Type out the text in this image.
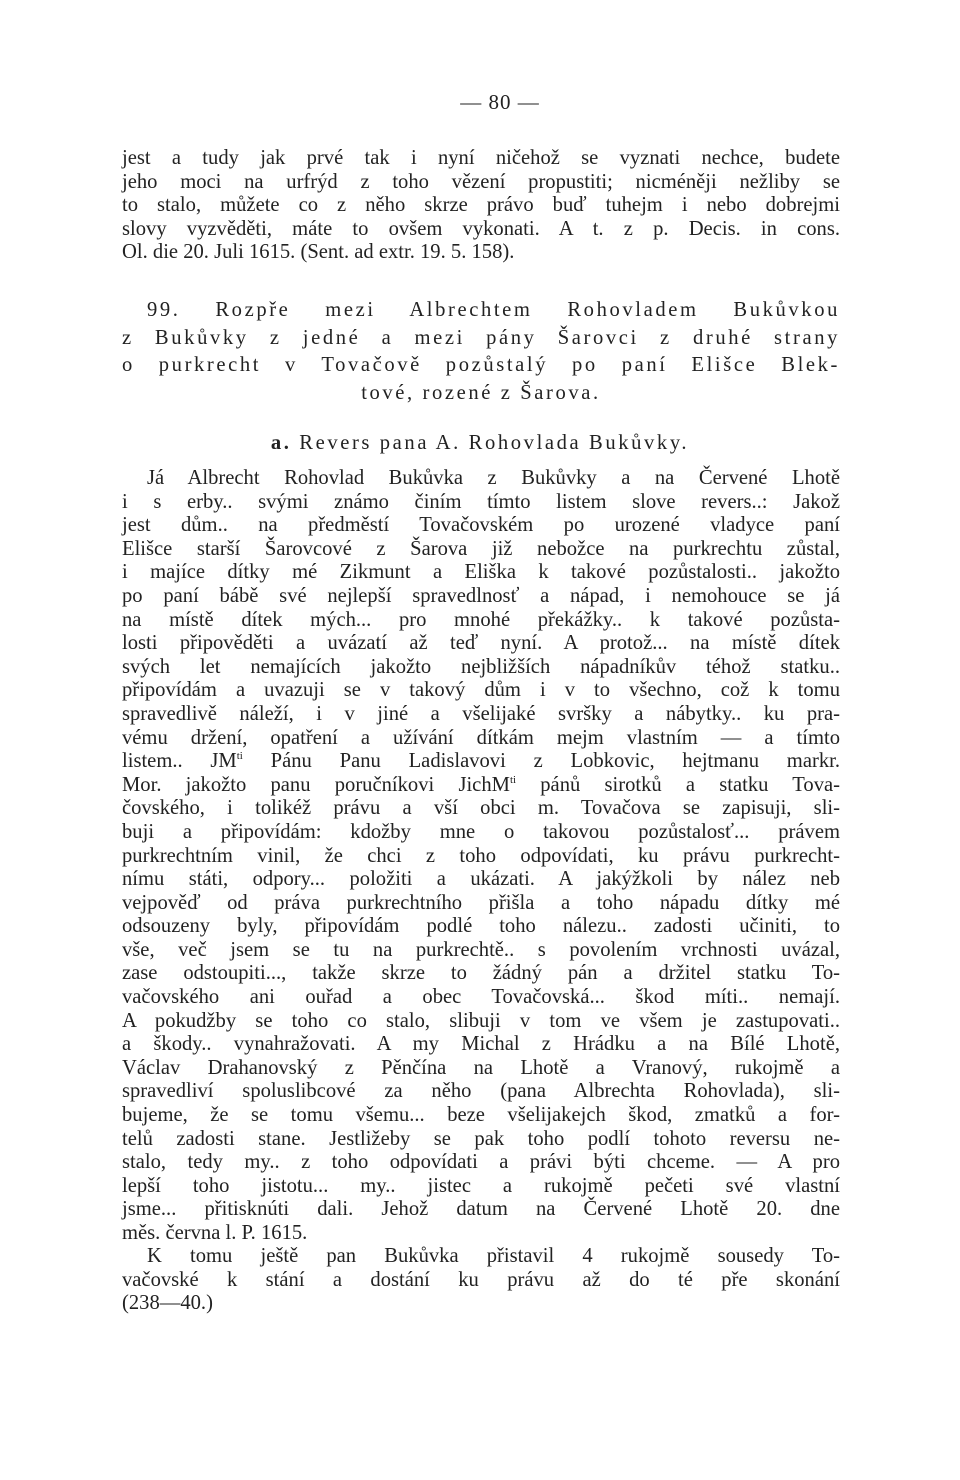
— 80 —

jest a tudy jak prvé tak i nyní ničehož se vyznati nechce, budete

jeho moci na urfrýd z toho vězení propustiti; nicméněji nežliby se

to stalo, můžete co z něho skrze právo buď tuhejm i nebo dobrejmi

slovy vyzvěděti, máte to ovšem vykonati. A t. z p. Decis. in cons.

Ol. die 20. Juli 1615. (Sent. ad extr. 19. 5. 158).

99. Rozpře mezi Albrechtem Rohovladem Bukůvkou

z Bukůvky z jedné a mezi pány Šarovci z druhé strany

o purkrecht v Tovačově pozůstalý po paní Elišce Blek-

tové, rozené z Šarova.

a. Revers pana A. Rohovlada Bukůvky.

Já Albrecht Rohovlad Bukůvka z Bukůvky a na Červené Lhotě

i s erby.. svými známo činím tímto listem slove revers..: Jakož

jest dům.. na předměstí Tovačovském po urozené vladyce paní

Elišce starší Šarovcové z Šarova již nebožce na purkrechtu zůstal,

i majíce dítky mé Zikmunt a Eliška k takové pozůstalosti.. jakožto

po paní bábě své nejlepší spravedlnosť a nápad, i nemohouce se já

na místě dítek mých... pro mnohé překážky.. k takové pozůsta-

losti připověděti a uvázatí až teď nyní. A protož... na místě dítek

svých let nemajících jakožto nejbližších nápadníkův téhož statku..

připovídám a uvazuji se v takový dům i v to všechno, což k tomu

spravedlivě náleží, i v jiné a všelijaké svršky a nábytky.. ku pra-

vému držení, opatření a užívání dítkám mejm vlastním — a tímto

listem.. $JM^{ti}$ Pánu Panu Ladislavovi z Lobkovic, hejtmanu markr.

Mor. jakožto panu poručníkovi JichM$^{ti}$ pánů sirotků a statku Tova-

čovského, i tolikéž právu a vší obci m. Tovačova se zapisuji, sli-

buji a připovídám: kdožby mne o takovou pozůstalosť... právem

purkrechtním vinil, že chci z toho odpovídati, ku právu purkrecht-

nímu státi, odpory... položiti a ukázati. A jakýžkoli by nález neb

vejpověď od práva purkrechtního přišla a toho nápadu dítky mé

odsouzeny byly, připovídám podlé toho nálezu.. zadosti učiniti, to

vše, več jsem se tu na purkrechtě.. s povolením vrchnosti uvázal,

zase odstoupiti..., takže skrze to žádný pán a držitel statku To-

vačovského ani ouřad a obec Tovačovská... škod míti.. nemají.

A pokudžby se toho co stalo, slibuji v tom ve všem je zastupovati..

a škody.. vynahražovati. A my Michal z Hrádku a na Bílé Lhotě,

Václav Drahanovský z Pěnčína na Lhotě a Vranový, rukojmě a

spravedliví spoluslibcové za něho (pana Albrechta Rohovlada), sli-

bujeme, že se tomu všemu... beze všelijakejch škod, zmatků a for-

telů zadosti stane. Jestližeby se pak toho podlí tohoto reversu ne-

stalo, tedy my.. z toho odpovídati a právi býti chceme. — A pro

lepší toho jistotu... my.. jistec a rukojmě pečeti své vlastní

jsme... přitisknúti dali. Jehož datum na Červené Lhotě 20. dne

měs. června l. P. 1615.

K tomu ještě pan Bukůvka přistavil 4 rukojmě sousedy To-

vačovské k stání a dostání ku právu až do té pře skonání

(238—40.)
